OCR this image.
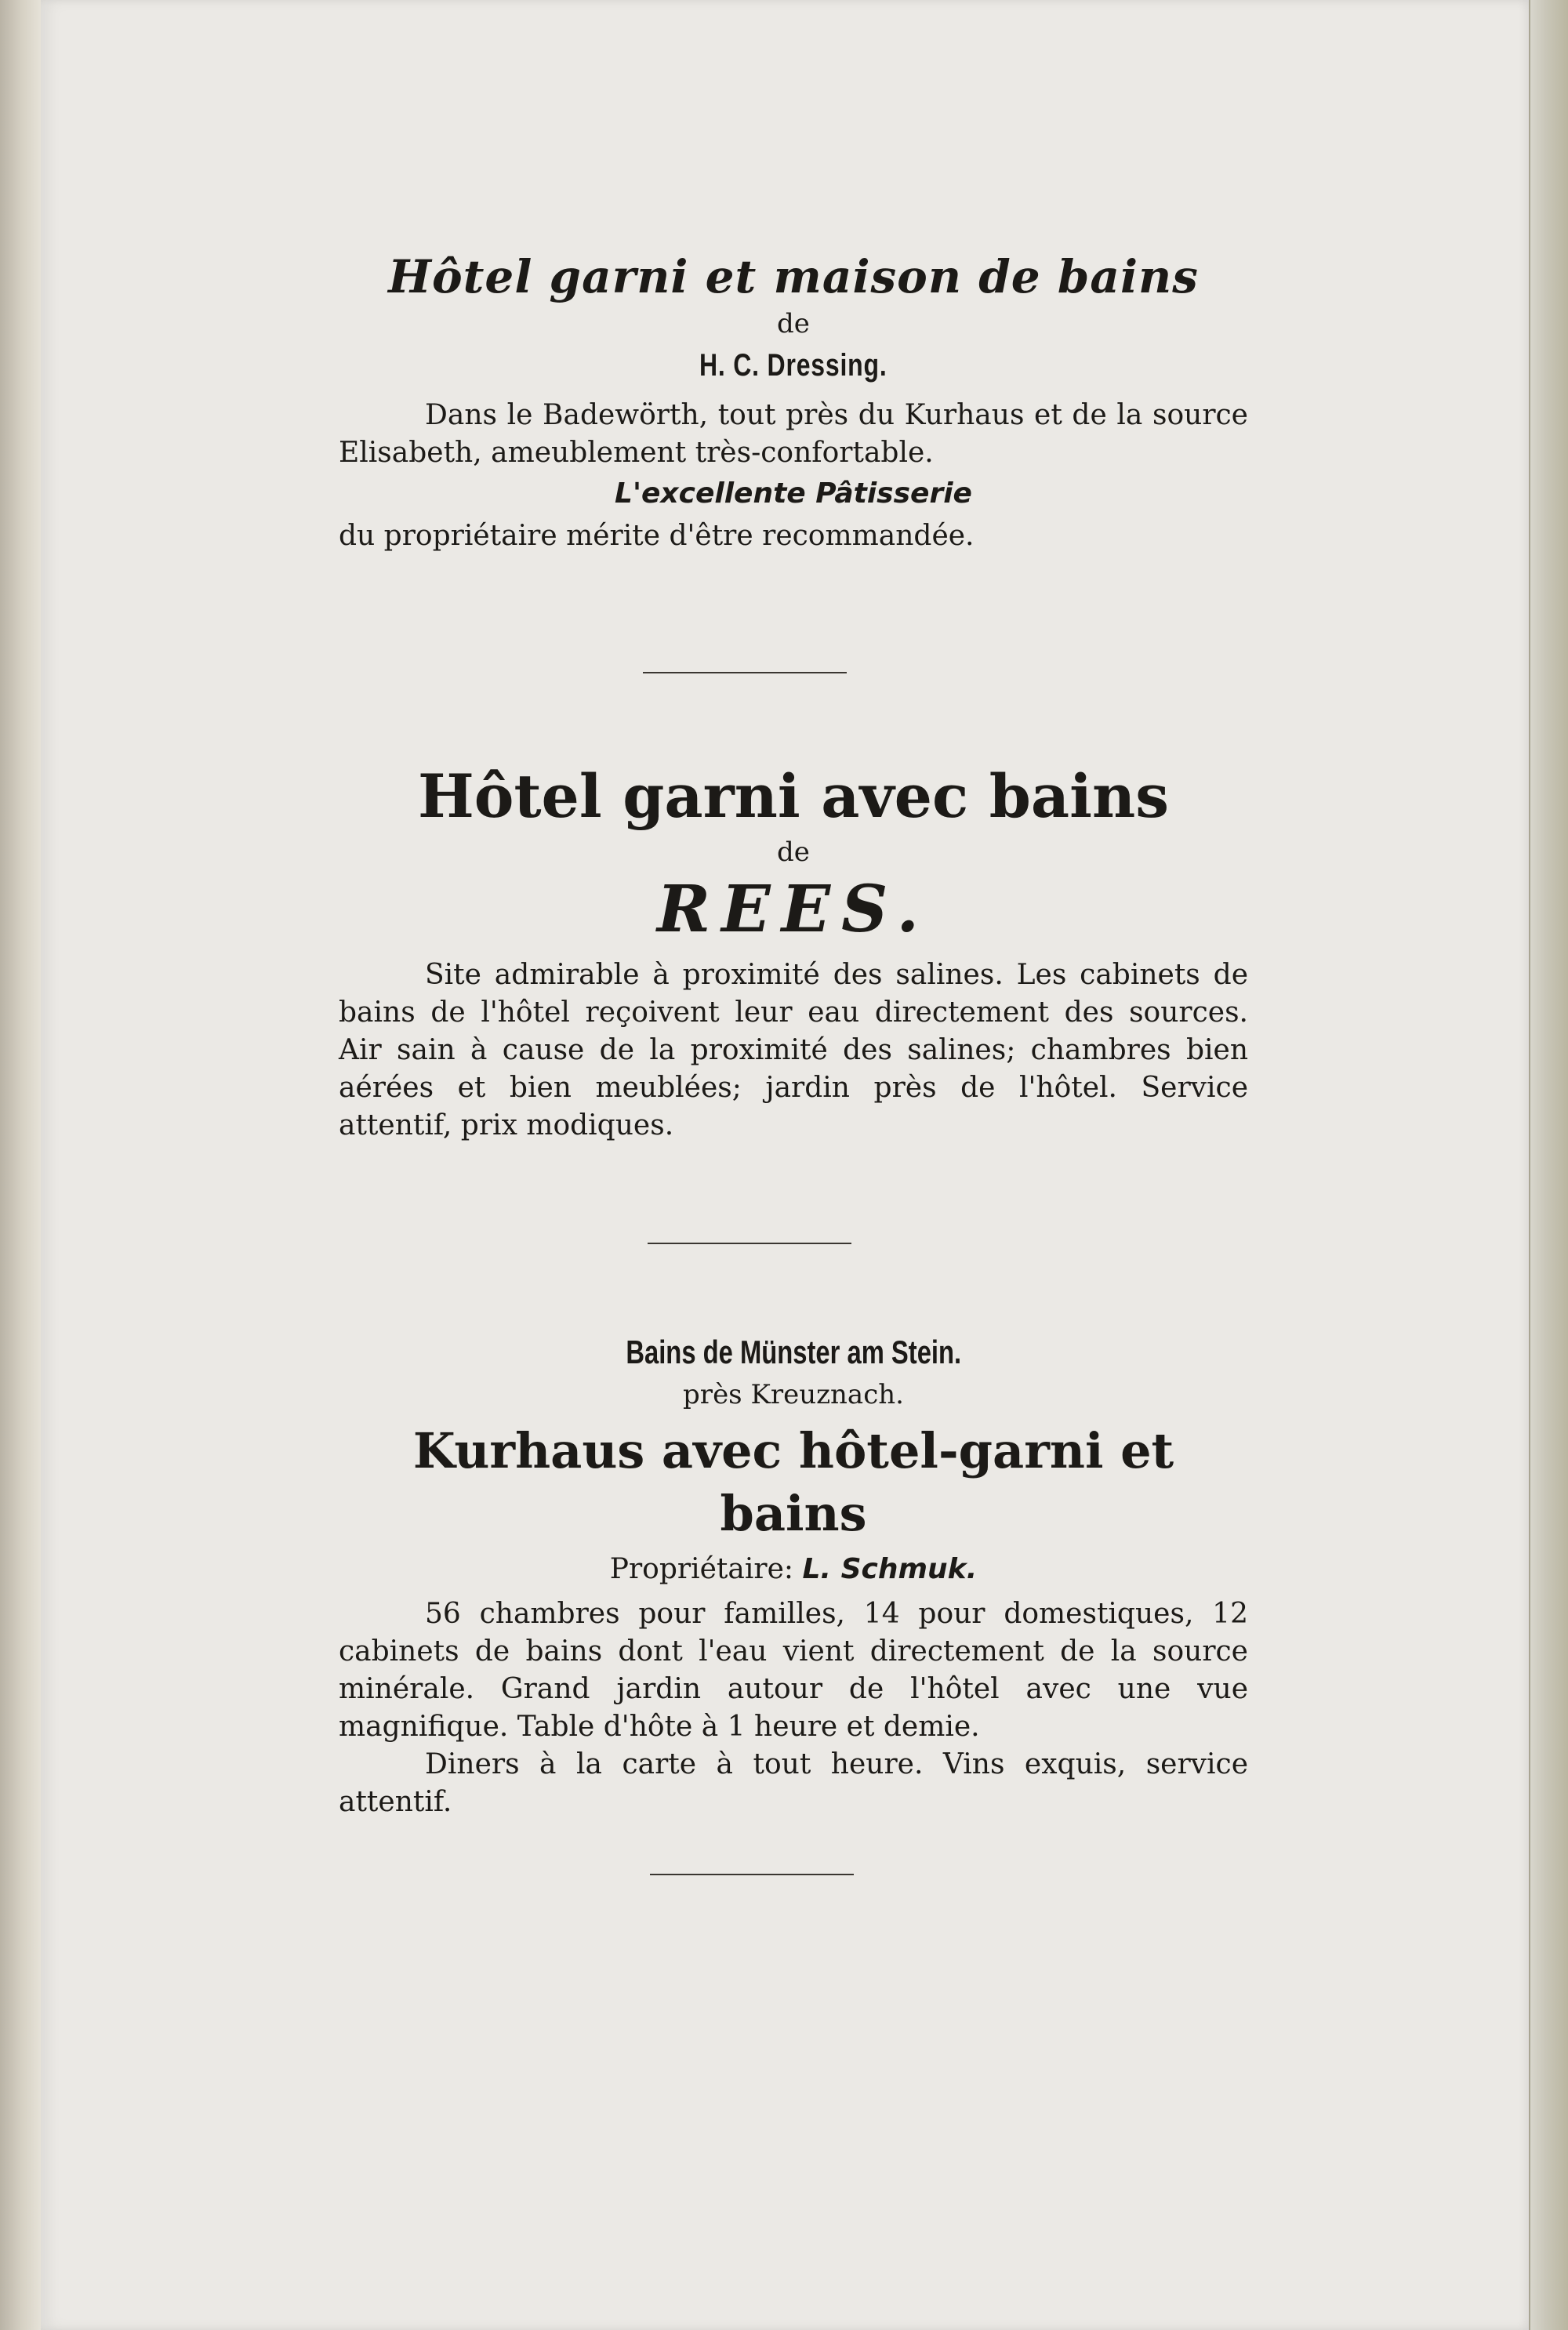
Hôtel garni et maison de bains
de
H. C. Dressing.

Dans le Badewörth, tout près du Kurhaus et de la source Elisabeth, ameublement très-confortable.

L'excellente Pâtisserie

du propriétaire mérite d'être recommandée.

Hôtel garni avec bains
de
REES.

Site admirable à proximité des salines. Les cabinets de bains de l'hôtel reçoivent leur eau directement des sources. Air sain à cause de la proximité des salines; chambres bien aérées et bien meublées; jardin près de l'hôtel. Service attentif, prix modiques.

Bains de Münster am Stein.
près Kreuznach.
Kurhaus avec hôtel-garni et bains
Propriétaire: L. Schmuk.

56 chambres pour familles, 14 pour domestiques, 12 cabinets de bains dont l'eau vient directement de la source minérale. Grand jardin autour de l'hôtel avec une vue magnifique. Table d'hôte à 1 heure et demie.

Diners à la carte à tout heure. Vins exquis, service attentif.
